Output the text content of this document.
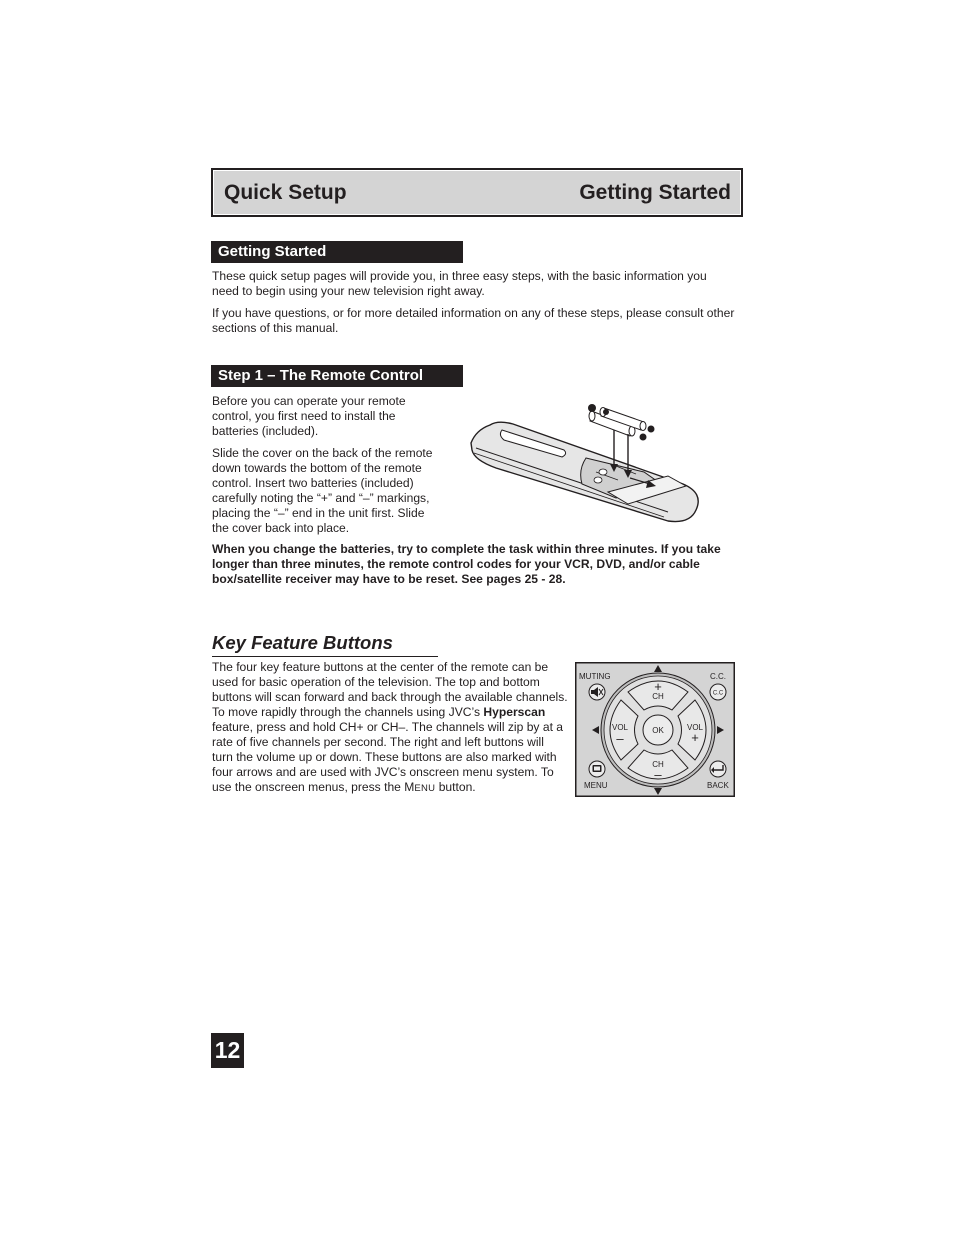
Quick Setup	Getting Started
Getting Started

These quick setup pages will provide you, in three easy steps, with the basic information you need to begin using your new television right away.

If you have questions, or for more detailed information on any of these steps, please consult other sections of this manual.

Step 1 – The Remote Control

Before you can operate your remote control, you first need to install the batteries (included).

Slide the cover on the back of the remote down towards the bottom of the remote control. Insert two batteries (included) carefully noting the “+” and “–” markings, placing the “–” end in the unit first. Slide the cover back into place.

When you change the batteries, try to complete the task within three minutes. If you take longer than three minutes, the remote control codes for your VCR, DVD, and/or cable box/satellite receiver may have to be reset. See pages 25 - 28.

Key Feature Buttons

The four key feature buttons at the center of the remote can be used for basic operation of the television. The top and bottom buttons will scan forward and back through the available channels. To move rapidly through the channels using JVC’s Hyperscan feature, press and hold CH+ or CH–. The channels will zip by at a rate of five channels per second. The right and left buttons will turn the volume up or down. These buttons are also marked with four arrows and are used with JVC’s onscreen menu system. To use the onscreen menus, press the MENU button.

+
CH
CH
–
VOL
–
VOL
+
OK
MUTING	C.C.
C.C
MENU	BACK
12
